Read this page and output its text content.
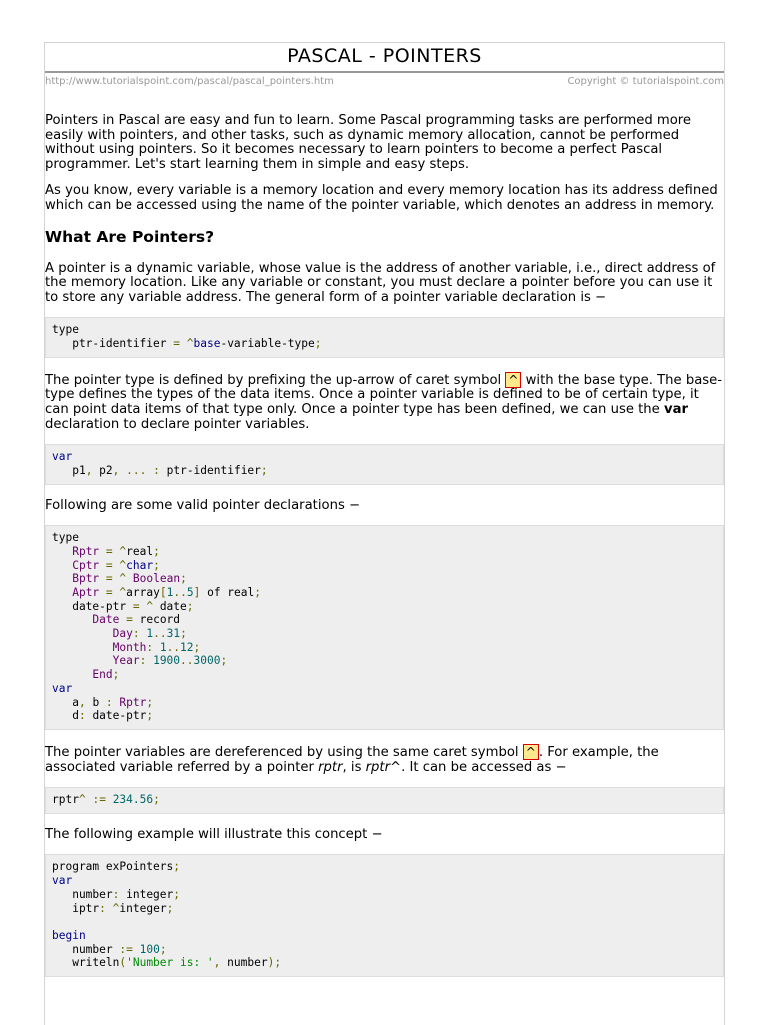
PASCAL - POINTERS
http://www.tutorialspoint.com/pascal/pascal_pointers.htm	Copyright © tutorialspoint.com

Pointers in Pascal are easy and fun to learn. Some Pascal programming tasks are performed more easily with pointers, and other tasks, such as dynamic memory allocation, cannot be performed without using pointers. So it becomes necessary to learn pointers to become a perfect Pascal programmer. Let's start learning them in simple and easy steps.

As you know, every variable is a memory location and every memory location has its address defined which can be accessed using the name of the pointer variable, which denotes an address in memory.

What Are Pointers?

A pointer is a dynamic variable, whose value is the address of another variable, i.e., direct address of the memory location. Like any variable or constant, you must declare a pointer before you can use it to store any variable address. The general form of a pointer variable declaration is −

type
ptr-identifier = ^base-variable-type;

The pointer type is defined by prefixing the up-arrow of caret symbol ^ with the base type. The base-type defines the types of the data items. Once a pointer variable is defined to be of certain type, it can point data items of that type only. Once a pointer type has been defined, we can use the var declaration to declare pointer variables.

var
p1, p2, ... : ptr-identifier;

Following are some valid pointer declarations −

type
Rptr = ^real;
Cptr = ^char;
Bptr = ^ Boolean;
Aptr = ^array[1..5] of real;
date-ptr = ^ date;
Date = record
Day: 1..31;
Month: 1..12;
Year: 1900..3000;
End;
var
a, b : Rptr;
d: date-ptr;

The pointer variables are dereferenced by using the same caret symbol ^ . For example, the associated variable referred by a pointer rptr, is rptr^. It can be accessed as −

rptr^ := 234.56;

The following example will illustrate this concept −

program exPointers;
var
number: integer;
iptr: ^integer;

begin
number := 100;
writeln('Number is: ', number);
